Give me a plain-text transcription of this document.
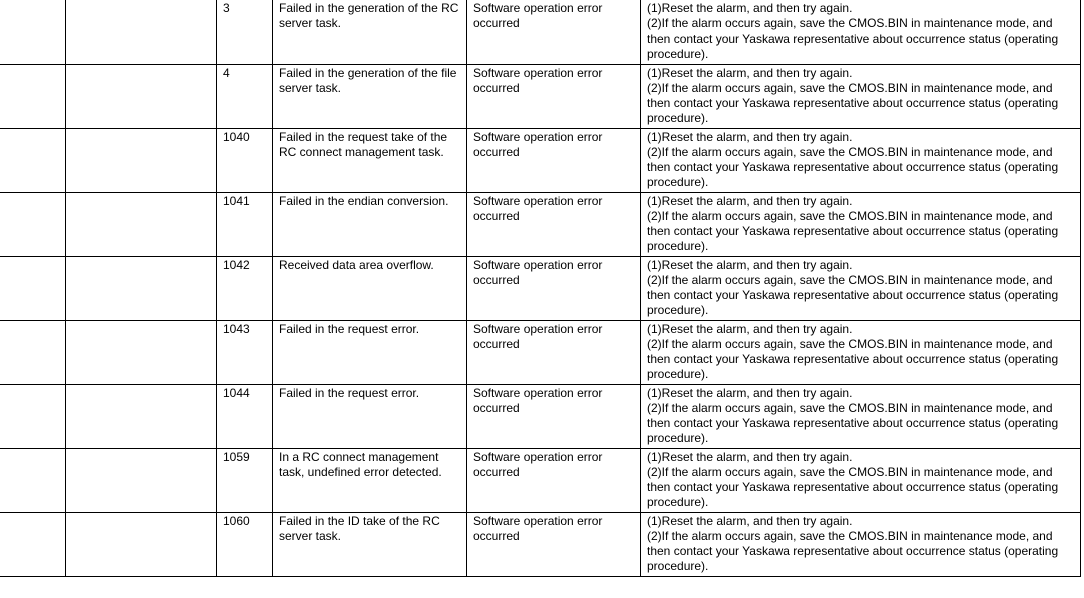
		3	Failed in the generation of the RC server task.	Software operation error occurred	(1)Reset the alarm, and then try again.
(2)If the alarm occurs again, save the CMOS.BIN in maintenance mode, and then contact your Yaskawa representative about occurrence status (operating procedure).

		4	Failed in the generation of the file server task.	Software operation error occurred	(1)Reset the alarm, and then try again.
(2)If the alarm occurs again, save the CMOS.BIN in maintenance mode, and then contact your Yaskawa representative about occurrence status (operating procedure).

		1040	Failed in the request take of the RC connect management task.	Software operation error occurred	(1)Reset the alarm, and then try again.
(2)If the alarm occurs again, save the CMOS.BIN in maintenance mode, and then contact your Yaskawa representative about occurrence status (operating procedure).

		1041	Failed in the endian conversion.	Software operation error occurred	(1)Reset the alarm, and then try again.
(2)If the alarm occurs again, save the CMOS.BIN in maintenance mode, and then contact your Yaskawa representative about occurrence status (operating procedure).

		1042	Received data area overflow.	Software operation error occurred	(1)Reset the alarm, and then try again.
(2)If the alarm occurs again, save the CMOS.BIN in maintenance mode, and then contact your Yaskawa representative about occurrence status (operating procedure).

		1043	Failed in the request error.	Software operation error occurred	(1)Reset the alarm, and then try again.
(2)If the alarm occurs again, save the CMOS.BIN in maintenance mode, and then contact your Yaskawa representative about occurrence status (operating procedure).

		1044	Failed in the request error.	Software operation error occurred	(1)Reset the alarm, and then try again.
(2)If the alarm occurs again, save the CMOS.BIN in maintenance mode, and then contact your Yaskawa representative about occurrence status (operating procedure).

		1059	In a RC connect management task, undefined error detected.	Software operation error occurred	(1)Reset the alarm, and then try again.
(2)If the alarm occurs again, save the CMOS.BIN in maintenance mode, and then contact your Yaskawa representative about occurrence status (operating procedure).

		1060	Failed in the ID take of the RC server task.	Software operation error occurred	(1)Reset the alarm, and then try again.
(2)If the alarm occurs again, save the CMOS.BIN in maintenance mode, and then contact your Yaskawa representative about occurrence status (operating procedure).
